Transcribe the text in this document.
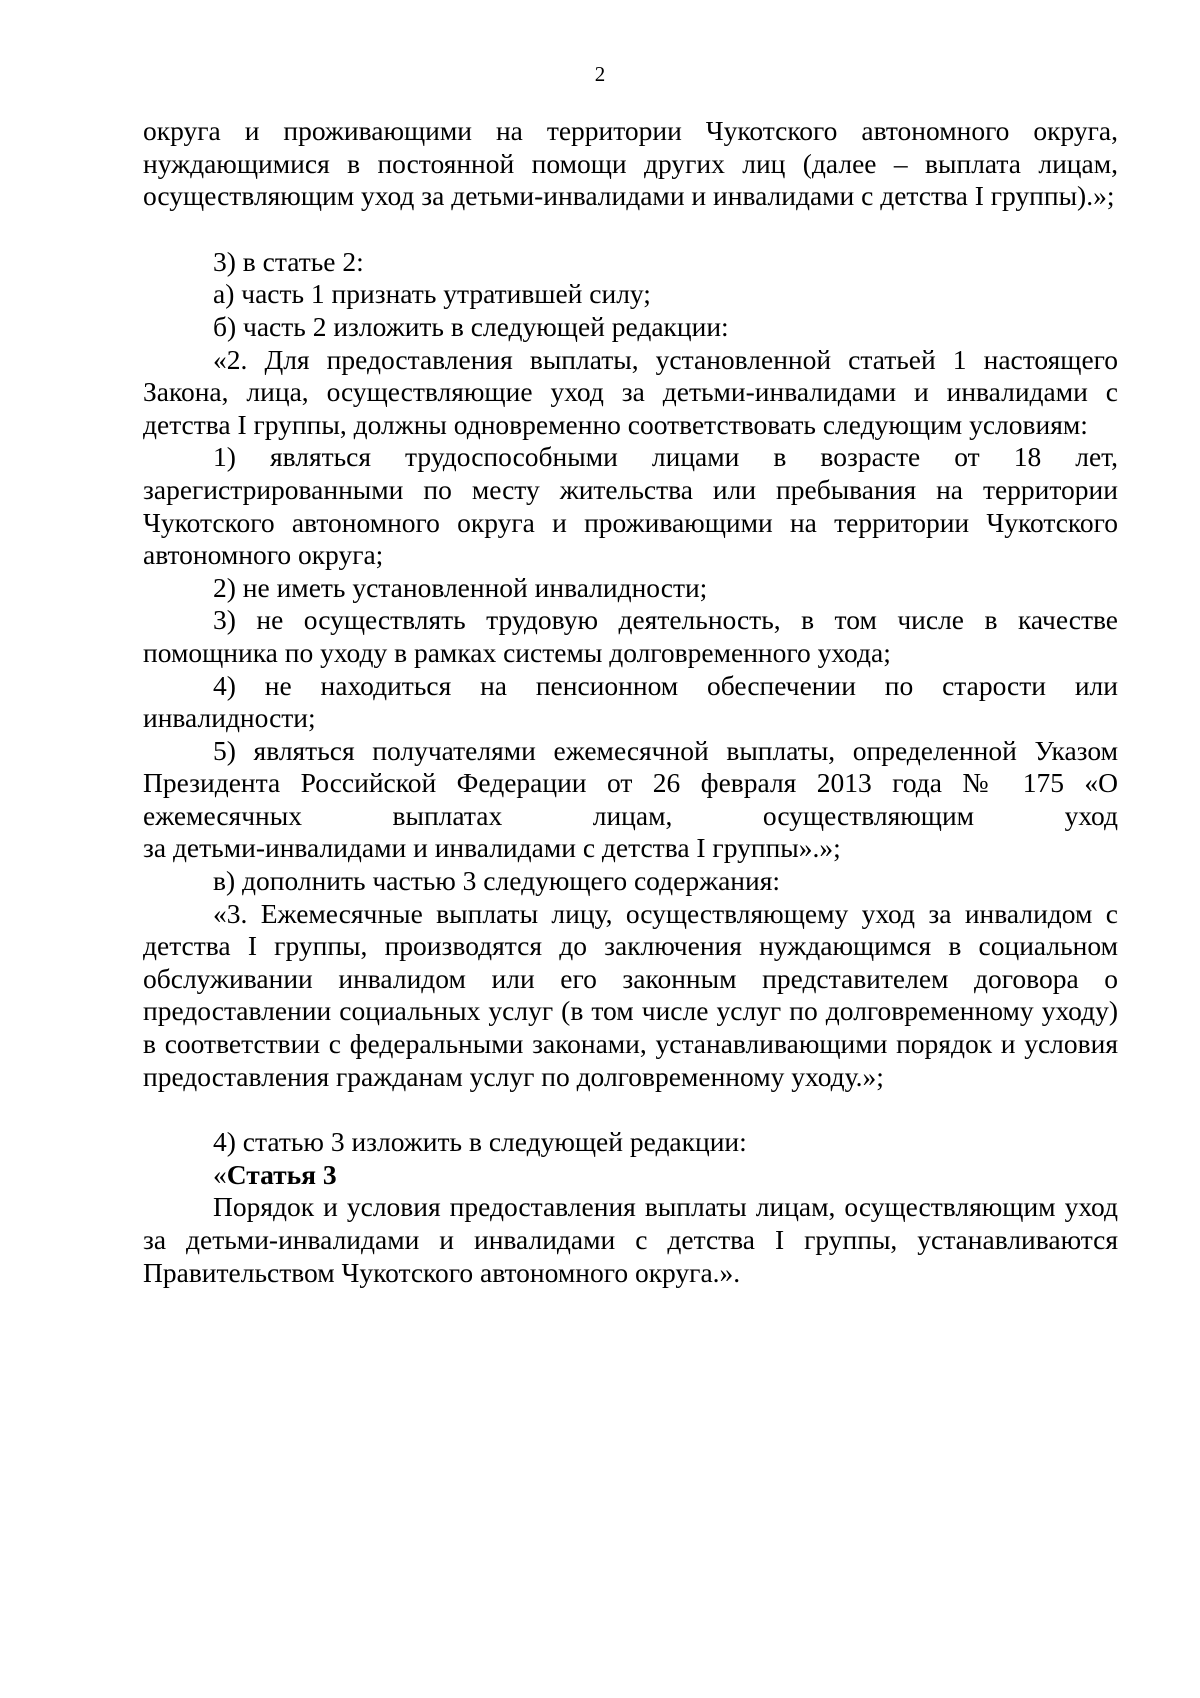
2

округа и проживающими на территории Чукотского автономного округа, нуждающимися в постоянной помощи других лиц (далее – выплата лицам, осуществляющим уход за детьми-инвалидами и инвалидами с детства I группы).»;

3) в статье 2:

а) часть 1 признать утратившей силу;

б) часть 2 изложить в следующей редакции:

«2. Для предоставления выплаты, установленной статьей 1 настоящего Закона, лица, осуществляющие уход за детьми-инвалидами и инвалидами с детства I группы, должны одновременно соответствовать следующим условиям:

1) являться трудоспособными лицами в возрасте от 18 лет, зарегистрированными по месту жительства или пребывания на территории Чукотского автономного округа и проживающими на территории Чукотского автономного округа;

2) не иметь установленной инвалидности;

3) не осуществлять трудовую деятельность, в том числе в качестве помощника по уходу в рамках системы долговременного ухода;

4) не находиться на пенсионном обеспечении по старости или инвалидности;

5) являться получателями ежемесячной выплаты, определенной Указом Президента Российской Федерации от 26 февраля 2013 года № 175 «О ежемесячных выплатах лицам, осуществляющим уход

за детьми-инвалидами и инвалидами с детства I группы».»;

в) дополнить частью 3 следующего содержания:

«3. Ежемесячные выплаты лицу, осуществляющему уход за инвалидом с детства I группы, производятся до заключения нуждающимся в социальном обслуживании инвалидом или его законным представителем договора о предоставлении социальных услуг (в том числе услуг по долговременному уходу) в соответствии с федеральными законами, устанавливающими порядок и условия предоставления гражданам услуг по долговременному уходу.»;

4) статью 3 изложить в следующей редакции:

«Статья 3

Порядок и условия предоставления выплаты лицам, осуществляющим уход за детьми-инвалидами и инвалидами с детства I группы, устанавливаются Правительством Чукотского автономного округа.».
